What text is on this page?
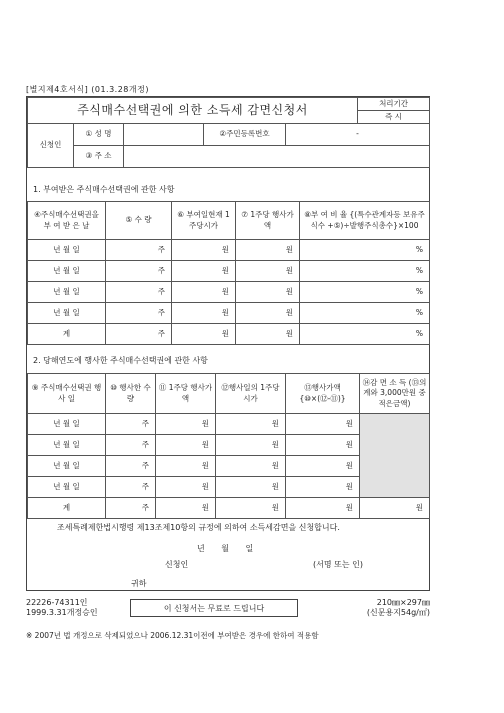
[별지제4호서식] (01.3.28개정)
주식매수선택권에 의한 소득세 감면신청서					처리기간
					즉 시
신청인	① 성 명		②주민등록번호	-	
	③ 주 소				
1. 부여받은 주식매수선택권에 관한 사항
④주식매수선택권을 부 여 받 은 날	⑤ 수 량	⑥ 부여일현재 1주당시가	⑦ 1주당 행사가액	⑧부 여 비 율 {(특수관계자등 보유주식수 +⑤)÷발행주식총수}×100
년 월 일	주	원	원	%
년 월 일	주	원	원	%
년 월 일	주	원	원	%
년 월 일	주	원	원	%
계	주	원	원	%
2. 당해연도에 행사한 주식매수선택권에 관한 사항
⑨ 주식매수선택권 행 사 일	⑩ 행사한 수 량	⑪ 1주당 행사가액	⑫행사일의 1주당시가	⑬행사가액 {⑩×(⑫-⑪)}	⑭감 면 소 득 (⑬의 계와 3,000만원 중 적은금액)
년 월 일	주	원	원	원	
년 월 일	주	원	원	원	
년 월 일	주	원	원	원	
년 월 일	주	원	원	원	
계	주	원	원	원	원
조세특례제한법시행령 제13조제10항의 규정에 의하여 소득세감면을 신청합니다.
년 월 일
신청인	(서명 또는 인)
귀하
22226-74311인
1999.3.31개정승인
이 신청서는 무료로 드립니다
210㎜×297㎜
(신문용지54g/㎡)
※ 2007년 법 개정으로 삭제되었으나 2006.12.31이전에 부여받은 경우에 한하여 적용함
